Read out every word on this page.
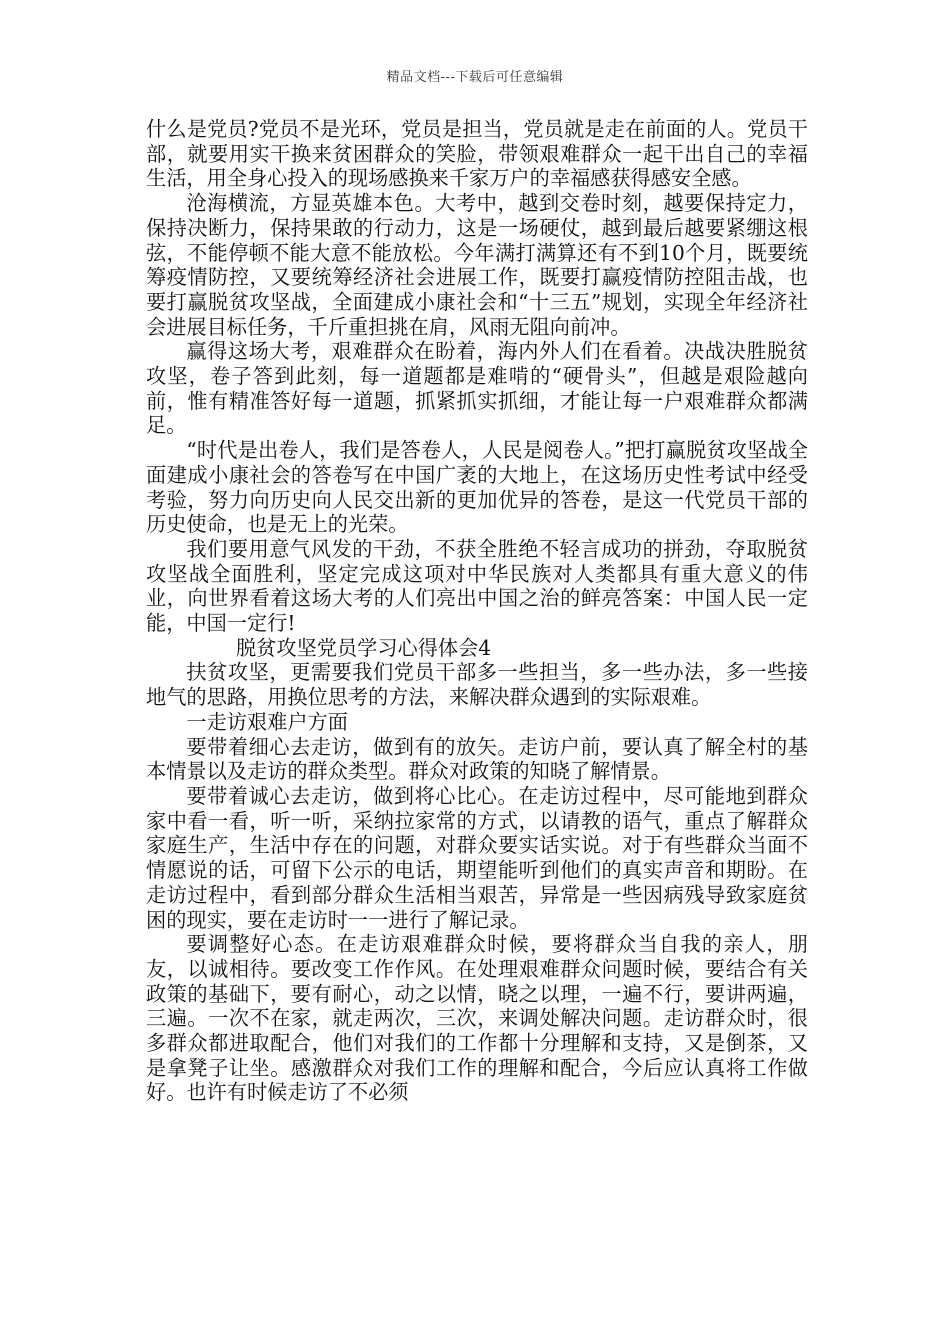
精品文档---下载后可任意编辑

什么是党员?党员不是光环，党员是担当，党员就是走在前面的人。党员干部，就要用实干换来贫困群众的笑脸，带领艰难群众一起干出自己的幸福生活，用全身心投入的现场感换来千家万户的幸福感获得感安全感。

沧海横流，方显英雄本色。大考中，越到交卷时刻，越要保持定力，保持决断力，保持果敢的行动力，这是一场硬仗，越到最后越要紧绷这根弦，不能停顿不能大意不能放松。今年满打满算还有不到10个月，既要统筹疫情防控，又要统筹经济社会进展工作，既要打赢疫情防控阻击战，也要打赢脱贫攻坚战，全面建成小康社会和“十三五”规划，实现全年经济社会进展目标任务，千斤重担挑在肩，风雨无阻向前冲。

赢得这场大考，艰难群众在盼着，海内外人们在看着。决战决胜脱贫攻坚，卷子答到此刻，每一道题都是难啃的“硬骨头”，但越是艰险越向前，惟有精准答好每一道题，抓紧抓实抓细，才能让每一户艰难群众都满足。

“时代是出卷人，我们是答卷人，人民是阅卷人。”把打赢脱贫攻坚战全面建成小康社会的答卷写在中国广袤的大地上，在这场历史性考试中经受考验，努力向历史向人民交出新的更加优异的答卷，是这一代党员干部的历史使命，也是无上的光荣。

我们要用意气风发的干劲，不获全胜绝不轻言成功的拼劲，夺取脱贫攻坚战全面胜利，坚定完成这项对中华民族对人类都具有重大意义的伟业，向世界看着这场大考的人们亮出中国之治的鲜亮答案：中国人民一定能，中国一定行!

脱贫攻坚党员学习心得体会4

扶贫攻坚，更需要我们党员干部多一些担当，多一些办法，多一些接地气的思路，用换位思考的方法，来解决群众遇到的实际艰难。

一走访艰难户方面

要带着细心去走访，做到有的放矢。走访户前，要认真了解全村的基本情景以及走访的群众类型。群众对政策的知晓了解情景。

要带着诚心去走访，做到将心比心。在走访过程中，尽可能地到群众家中看一看，听一听，采纳拉家常的方式，以请教的语气，重点了解群众家庭生产，生活中存在的问题，对群众要实话实说。对于有些群众当面不情愿说的话，可留下公示的电话，期望能听到他们的真实声音和期盼。在走访过程中，看到部分群众生活相当艰苦，异常是一些因病残导致家庭贫困的现实，要在走访时一一进行了解记录。

要调整好心态。在走访艰难群众时候，要将群众当自我的亲人，朋友，以诚相待。要改变工作作风。在处理艰难群众问题时候，要结合有关政策的基础下，要有耐心，动之以情，晓之以理，一遍不行，要讲两遍，三遍。一次不在家，就走两次，三次，来调处解决问题。走访群众时，很多群众都进取配合，他们对我们的工作都十分理解和支持，又是倒茶，又是拿凳子让坐。感激群众对我们工作的理解和配合，今后应认真将工作做好。也许有时候走访了不必须
